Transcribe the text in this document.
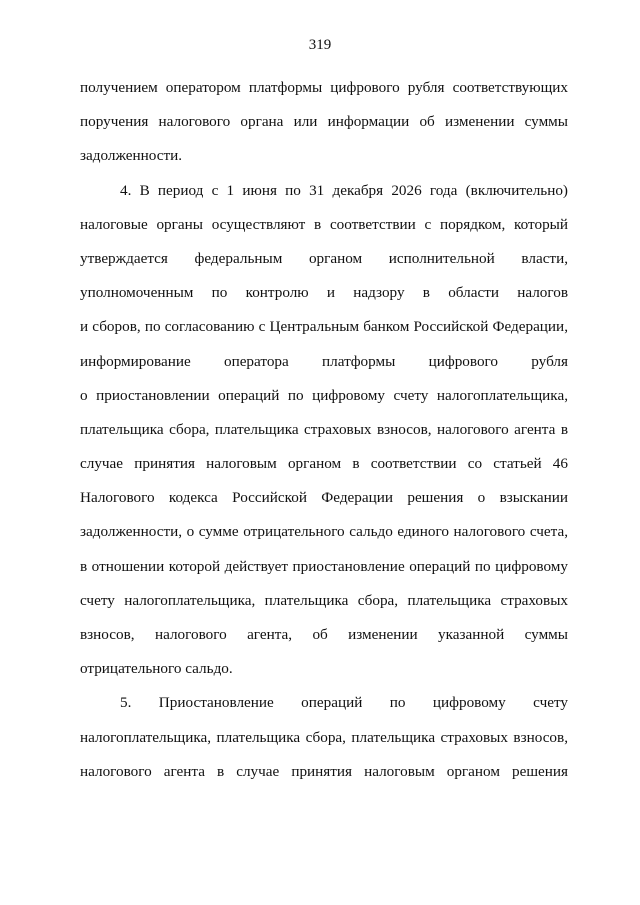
319
получением оператором платформы цифрового рубля соответствующих
поручения налогового органа или информации об изменении суммы
задолженности.
4. В период с 1 июня по 31 декабря 2026 года (включительно)
налоговые органы осуществляют в соответствии с порядком, который
утверждается федеральным органом исполнительной власти,
уполномоченным по контролю и надзору в области налогов
и сборов, по согласованию с Центральным банком Российской Федерации,
информирование оператора платформы цифрового рубля
о приостановлении операций по цифровому счету налогоплательщика,
плательщика сбора, плательщика страховых взносов, налогового агента в
случае принятия налоговым органом в соответствии со статьей 46
Налогового кодекса Российской Федерации решения о взыскании
задолженности, о сумме отрицательного сальдо единого налогового счета,
в отношении которой действует приостановление операций по цифровому
счету налогоплательщика, плательщика сбора, плательщика страховых
взносов, налогового агента, об изменении указанной суммы
отрицательного сальдо.
5. Приостановление операций по цифровому счету
налогоплательщика, плательщика сбора, плательщика страховых взносов,
налогового агента в случае принятия налоговым органом решения
